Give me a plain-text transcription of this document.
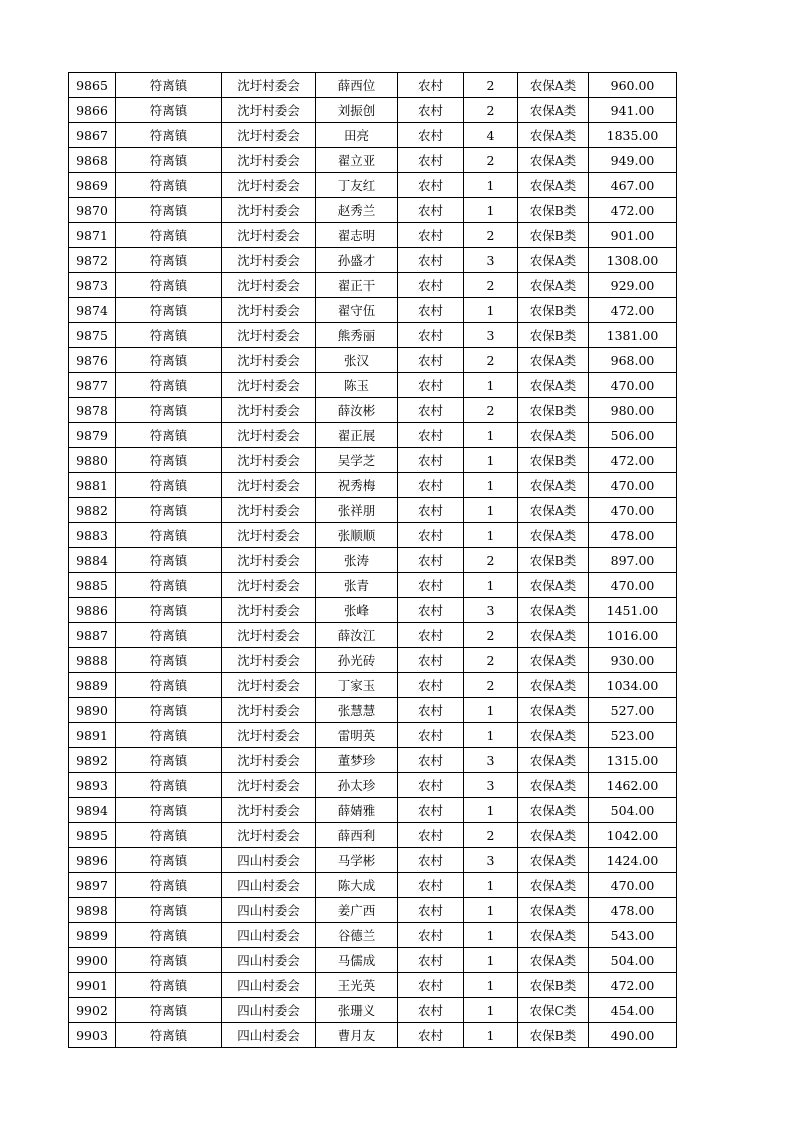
9865	符离镇	沈圩村委会	薛西位	农村	2	农保A类	960.00
9866	符离镇	沈圩村委会	刘振创	农村	2	农保A类	941.00
9867	符离镇	沈圩村委会	田亮	农村	4	农保A类	1835.00
9868	符离镇	沈圩村委会	翟立亚	农村	2	农保A类	949.00
9869	符离镇	沈圩村委会	丁友红	农村	1	农保A类	467.00
9870	符离镇	沈圩村委会	赵秀兰	农村	1	农保B类	472.00
9871	符离镇	沈圩村委会	翟志明	农村	2	农保B类	901.00
9872	符离镇	沈圩村委会	孙盛才	农村	3	农保A类	1308.00
9873	符离镇	沈圩村委会	翟正干	农村	2	农保A类	929.00
9874	符离镇	沈圩村委会	翟守伍	农村	1	农保B类	472.00
9875	符离镇	沈圩村委会	熊秀丽	农村	3	农保B类	1381.00
9876	符离镇	沈圩村委会	张汉	农村	2	农保A类	968.00
9877	符离镇	沈圩村委会	陈玉	农村	1	农保A类	470.00
9878	符离镇	沈圩村委会	薛汝彬	农村	2	农保B类	980.00
9879	符离镇	沈圩村委会	翟正展	农村	1	农保A类	506.00
9880	符离镇	沈圩村委会	吴学芝	农村	1	农保B类	472.00
9881	符离镇	沈圩村委会	祝秀梅	农村	1	农保A类	470.00
9882	符离镇	沈圩村委会	张祥朋	农村	1	农保A类	470.00
9883	符离镇	沈圩村委会	张顺顺	农村	1	农保A类	478.00
9884	符离镇	沈圩村委会	张涛	农村	2	农保B类	897.00
9885	符离镇	沈圩村委会	张青	农村	1	农保A类	470.00
9886	符离镇	沈圩村委会	张峰	农村	3	农保A类	1451.00
9887	符离镇	沈圩村委会	薛汝江	农村	2	农保A类	1016.00
9888	符离镇	沈圩村委会	孙光砖	农村	2	农保A类	930.00
9889	符离镇	沈圩村委会	丁家玉	农村	2	农保A类	1034.00
9890	符离镇	沈圩村委会	张慧慧	农村	1	农保A类	527.00
9891	符离镇	沈圩村委会	雷明英	农村	1	农保A类	523.00
9892	符离镇	沈圩村委会	董梦珍	农村	3	农保A类	1315.00
9893	符离镇	沈圩村委会	孙太珍	农村	3	农保A类	1462.00
9894	符离镇	沈圩村委会	薛婧雅	农村	1	农保A类	504.00
9895	符离镇	沈圩村委会	薛西利	农村	2	农保A类	1042.00
9896	符离镇	四山村委会	马学彬	农村	3	农保A类	1424.00
9897	符离镇	四山村委会	陈大成	农村	1	农保A类	470.00
9898	符离镇	四山村委会	姜广西	农村	1	农保A类	478.00
9899	符离镇	四山村委会	谷德兰	农村	1	农保A类	543.00
9900	符离镇	四山村委会	马儒成	农村	1	农保A类	504.00
9901	符离镇	四山村委会	王光英	农村	1	农保B类	472.00
9902	符离镇	四山村委会	张珊义	农村	1	农保C类	454.00
9903	符离镇	四山村委会	曹月友	农村	1	农保B类	490.00
